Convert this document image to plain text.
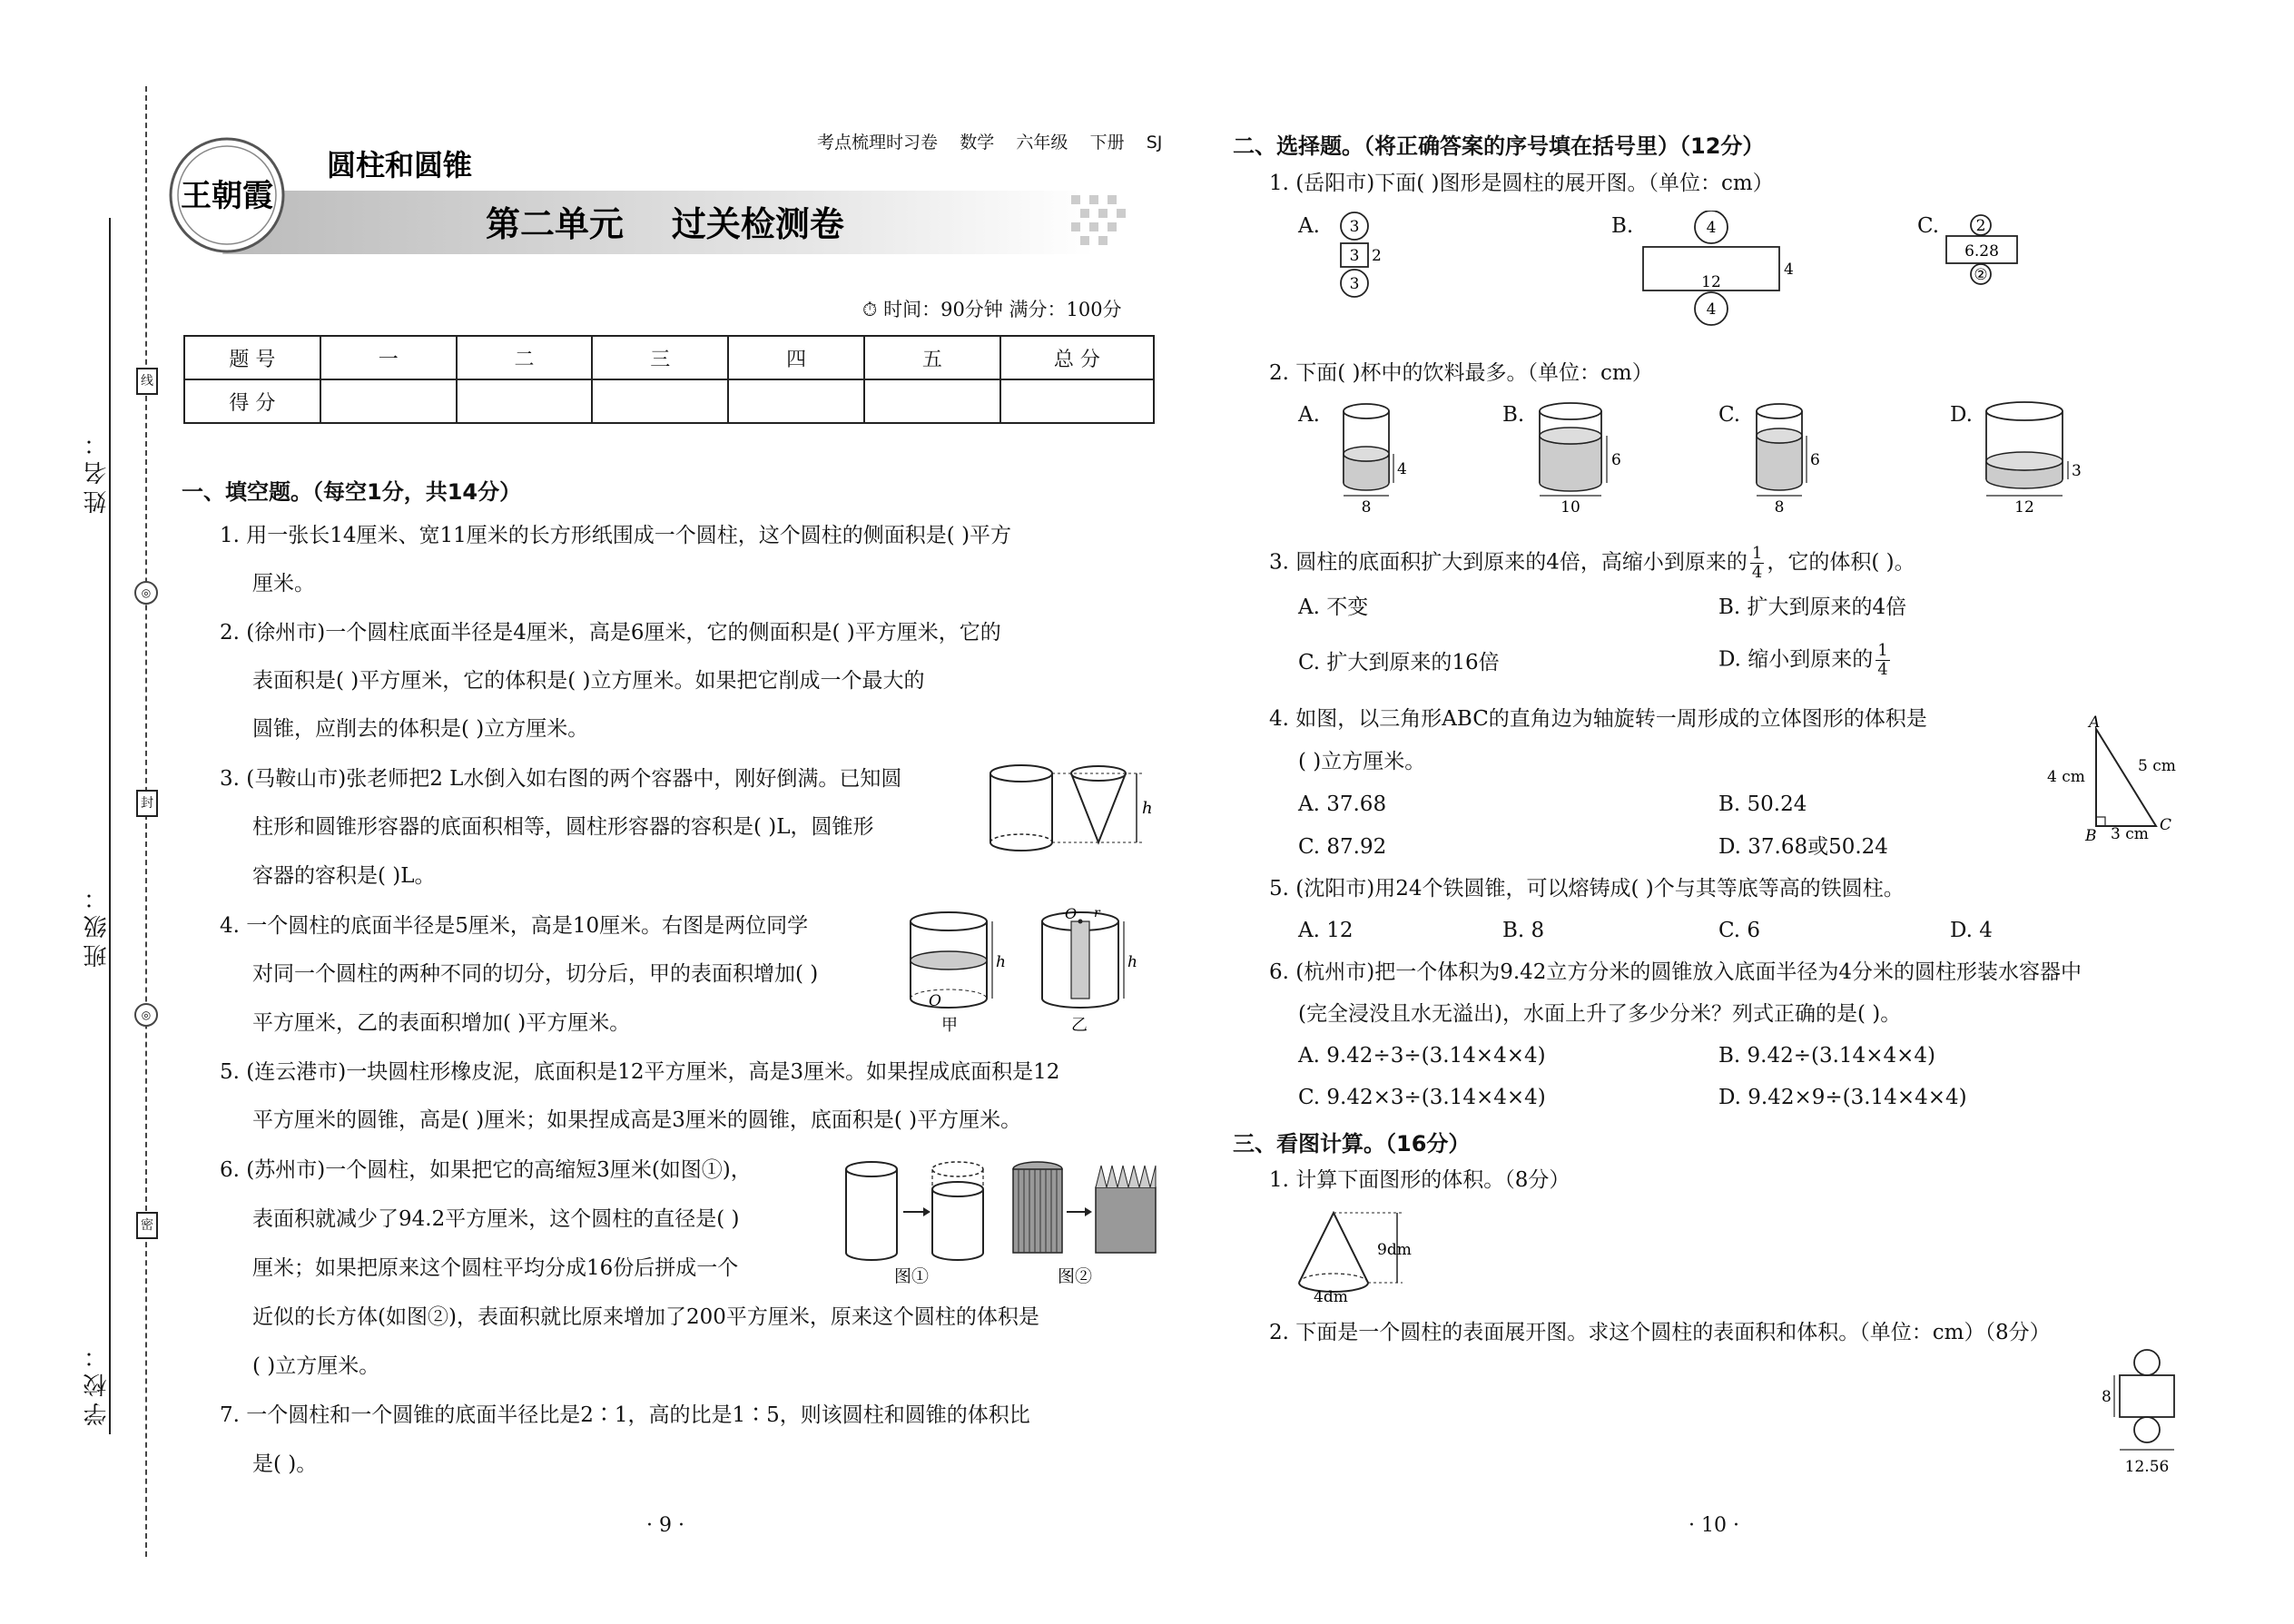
线
封
密
◎
◎
姓名：
班级：
学校：
考点梳理时习卷 数学 六年级 下册 SJ
王朝霞
圆柱和圆锥
第二单元    过关检测卷
⏱ 时间：90分钟 满分：100分
题 号	一	二	三	四	五	总 分
得 分						
一、填空题。（每空1分，共14分）
1. 用一张长14厘米、宽11厘米的长方形纸围成一个圆柱，这个圆柱的侧面积是( )平方
厘米。
2. (徐州市)一个圆柱底面半径是4厘米，高是6厘米，它的侧面积是( )平方厘米，它的
表面积是( )平方厘米，它的体积是( )立方厘米。如果把它削成一个最大的
圆锥，应削去的体积是( )立方厘米。
3. (马鞍山市)张老师把2 L水倒入如右图的两个容器中，刚好倒满。已知圆
柱形和圆锥形容器的底面积相等，圆柱形容器的容积是( )L，圆锥形
容器的容积是( )L。
4. 一个圆柱的底面半径是5厘米，高是10厘米。右图是两位同学
对同一个圆柱的两种不同的切分，切分后，甲的表面积增加( )
平方厘米，乙的表面积增加( )平方厘米。
5. (连云港市)一块圆柱形橡皮泥，底面积是12平方厘米，高是3厘米。如果捏成底面积是12
平方厘米的圆锥，高是( )厘米；如果捏成高是3厘米的圆锥，底面积是( )平方厘米。
6. (苏州市)一个圆柱，如果把它的高缩短3厘米(如图①)，
表面积就减少了94.2平方厘米，这个圆柱的直径是( )
厘米；如果把原来这个圆柱平均分成16份后拼成一个
近似的长方体(如图②)，表面积就比原来增加了200平方厘米，原来这个圆柱的体积是
( )立方厘米。
7. 一个圆柱和一个圆锥的底面半径比是2∶1，高的比是1∶5，则该圆柱和圆锥的体积比
是( )。
h
h
O
甲
O r
h
乙
图①	图②
· 9 ·
二、选择题。（将正确答案的序号填在括号里）（12分）
1. (岳阳市)下面( )图形是圆柱的展开图。（单位：cm）
A. 3
3 2
3
B.	4
12
4
4
C. 2
6.28
②
2. 下面( )杯中的饮料最多。（单位：cm）
A.
4
8
B.
6
10
C.
6
8
D.
3
12
3. 圆柱的底面积扩大到原来的4倍，高缩小到原来的 $\frac{1}{4}$ ，它的体积( )。
A. 不变	B. 扩大到原来的4倍
C. 扩大到原来的16倍	D. 缩小到原来的 $\frac{1}{4}$
4. 如图，以三角形ABC的直角边为轴旋转一周形成的立体图形的体积是
( )立方厘米。
A. 37.68	B. 50.24
C. 87.92	D. 37.68或50.24
A
B
C
4 cm
5 cm
3 cm
5. (沈阳市)用24个铁圆锥，可以熔铸成( )个与其等底等高的铁圆柱。
A. 12	B. 8	C. 6	D. 4
6. (杭州市)把一个体积为9.42立方分米的圆锥放入底面半径为4分米的圆柱形装水容器中
(完全浸没且水无溢出)，水面上升了多少分米？列式正确的是( )。
A. 9.42÷3÷(3.14×4×4)	B. 9.42÷(3.14×4×4)
C. 9.42×3÷(3.14×4×4)	D. 9.42×9÷(3.14×4×4)
三、看图计算。（16分）
1. 计算下面图形的体积。（8分）
9dm
4dm
2. 下面是一个圆柱的表面展开图。求这个圆柱的表面积和体积。（单位：cm）（8分）
8
12.56
· 10 ·
